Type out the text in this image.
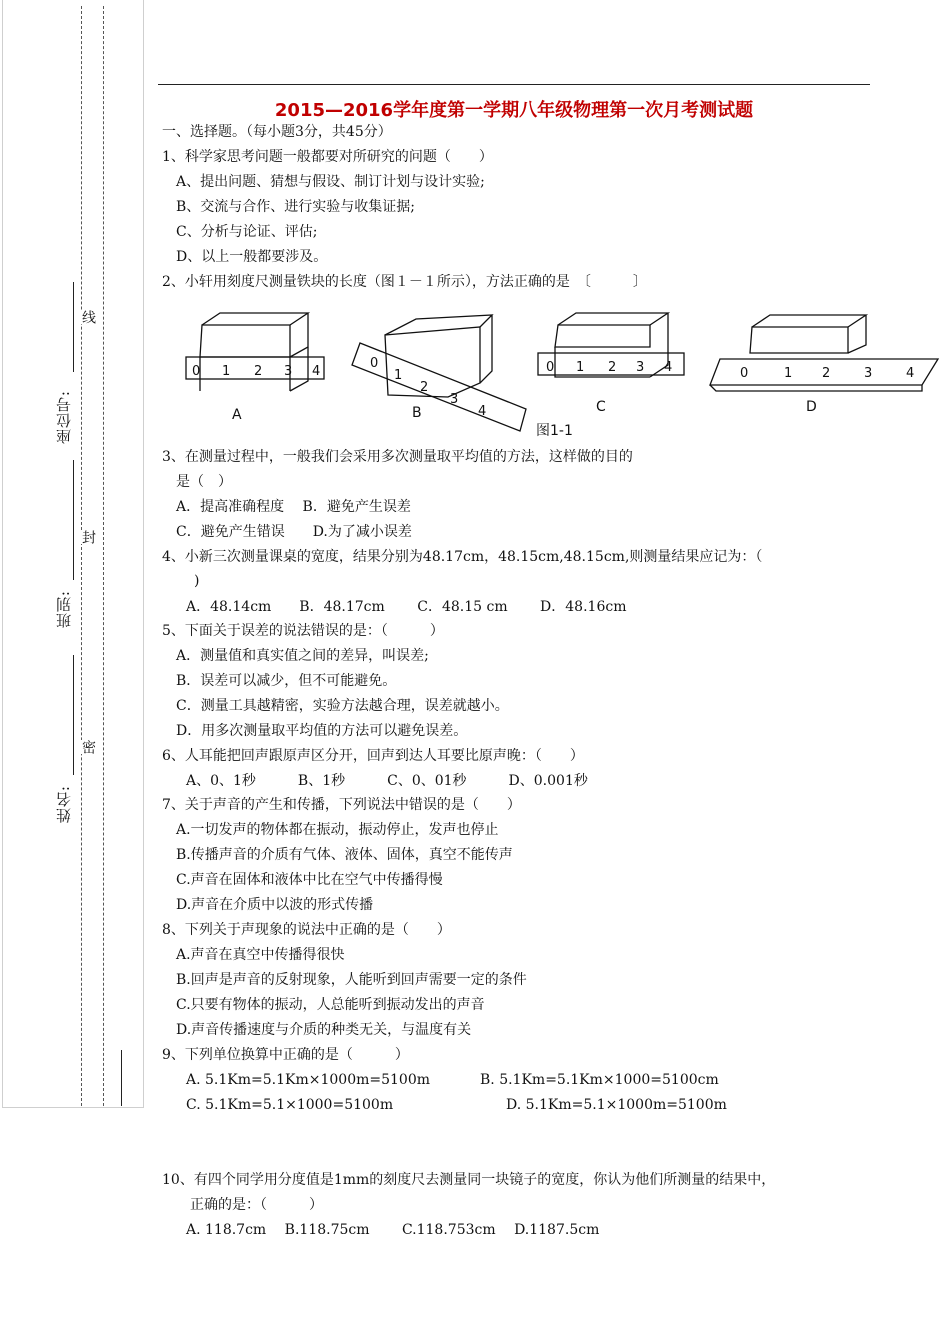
座位号:
班别:
姓名:
线
封
密
2015—2016学年度第一学期八年级物理第一次月考测试题
一、选择题。（每小题3分，共45分）
1、科学家思考问题一般都要对所研究的问题（　　）
A、提出问题、猜想与假设、制订计划与设计实验;
B、交流与合作、进行实验与收集证据;
C、分析与论证、评估;
D、以上一般都要涉及。
2、小轩用刻度尺测量铁块的长度（图１－１所示），方法正确的是　〔　　　〕
0 1 2 3 4
0
1
2
3
4
0 1 2 3 4	0	1 2	3	4
A	B	C	D
图1-1
3、在测量过程中，一般我们会采用多次测量取平均值的方法，这样做的目的
是（　）
A．提高准确程度　 B．避免产生误差
C．避免产生错误　　D.为了减小误差
4、小新三次测量课桌的宽度，结果分别为48.17cm，48.15cm,48.15cm,则测量结果应记为：（
)
A．48.14cm　　B．48.17cm　　 C．48.15 cm　　 D．48.16cm
5、下面关于误差的说法错误的是：（　　　）
A．测量值和真实值之间的差异，叫误差;
B．误差可以减少，但不可能避免。
C．测量工具越精密，实验方法越合理，误差就越小。
D．用多次测量取平均值的方法可以避免误差。
6、人耳能把回声跟原声区分开，回声到达人耳要比原声晚：（　　）
A、0、1秒　　　B、1秒　　　C、0、01秒　　　D、0.001秒
7、关于声音的产生和传播，下列说法中错误的是（　　）
A.一切发声的物体都在振动，振动停止，发声也停止
B.传播声音的介质有气体、液体、固体，真空不能传声
C.声音在固体和液体中比在空气中传播得慢
D.声音在介质中以波的形式传播
8、下列关于声现象的说法中正确的是（　　）
A.声音在真空中传播得很快
B.回声是声音的反射现象，人能听到回声需要一定的条件
C.只要有物体的振动，人总能听到振动发出的声音
D.声音传播速度与介质的种类无关，与温度有关
9、下列单位换算中正确的是（　　　）
A. 5.1Km=5.1Km×1000m=5100m	B. 5.1Km=5.1Km×1000=5100cm
C. 5.1Km=5.1×1000=5100m	D. 5.1Km=5.1×1000m=5100m
10、有四个同学用分度值是1mm的刻度尺去测量同一块镜子的宽度，你认为他们所测量的结果中，
正确的是：（　　　）
A. 118.7cm　 B.118.75cm　　 C.118.753cm　 D.1187.5cm
